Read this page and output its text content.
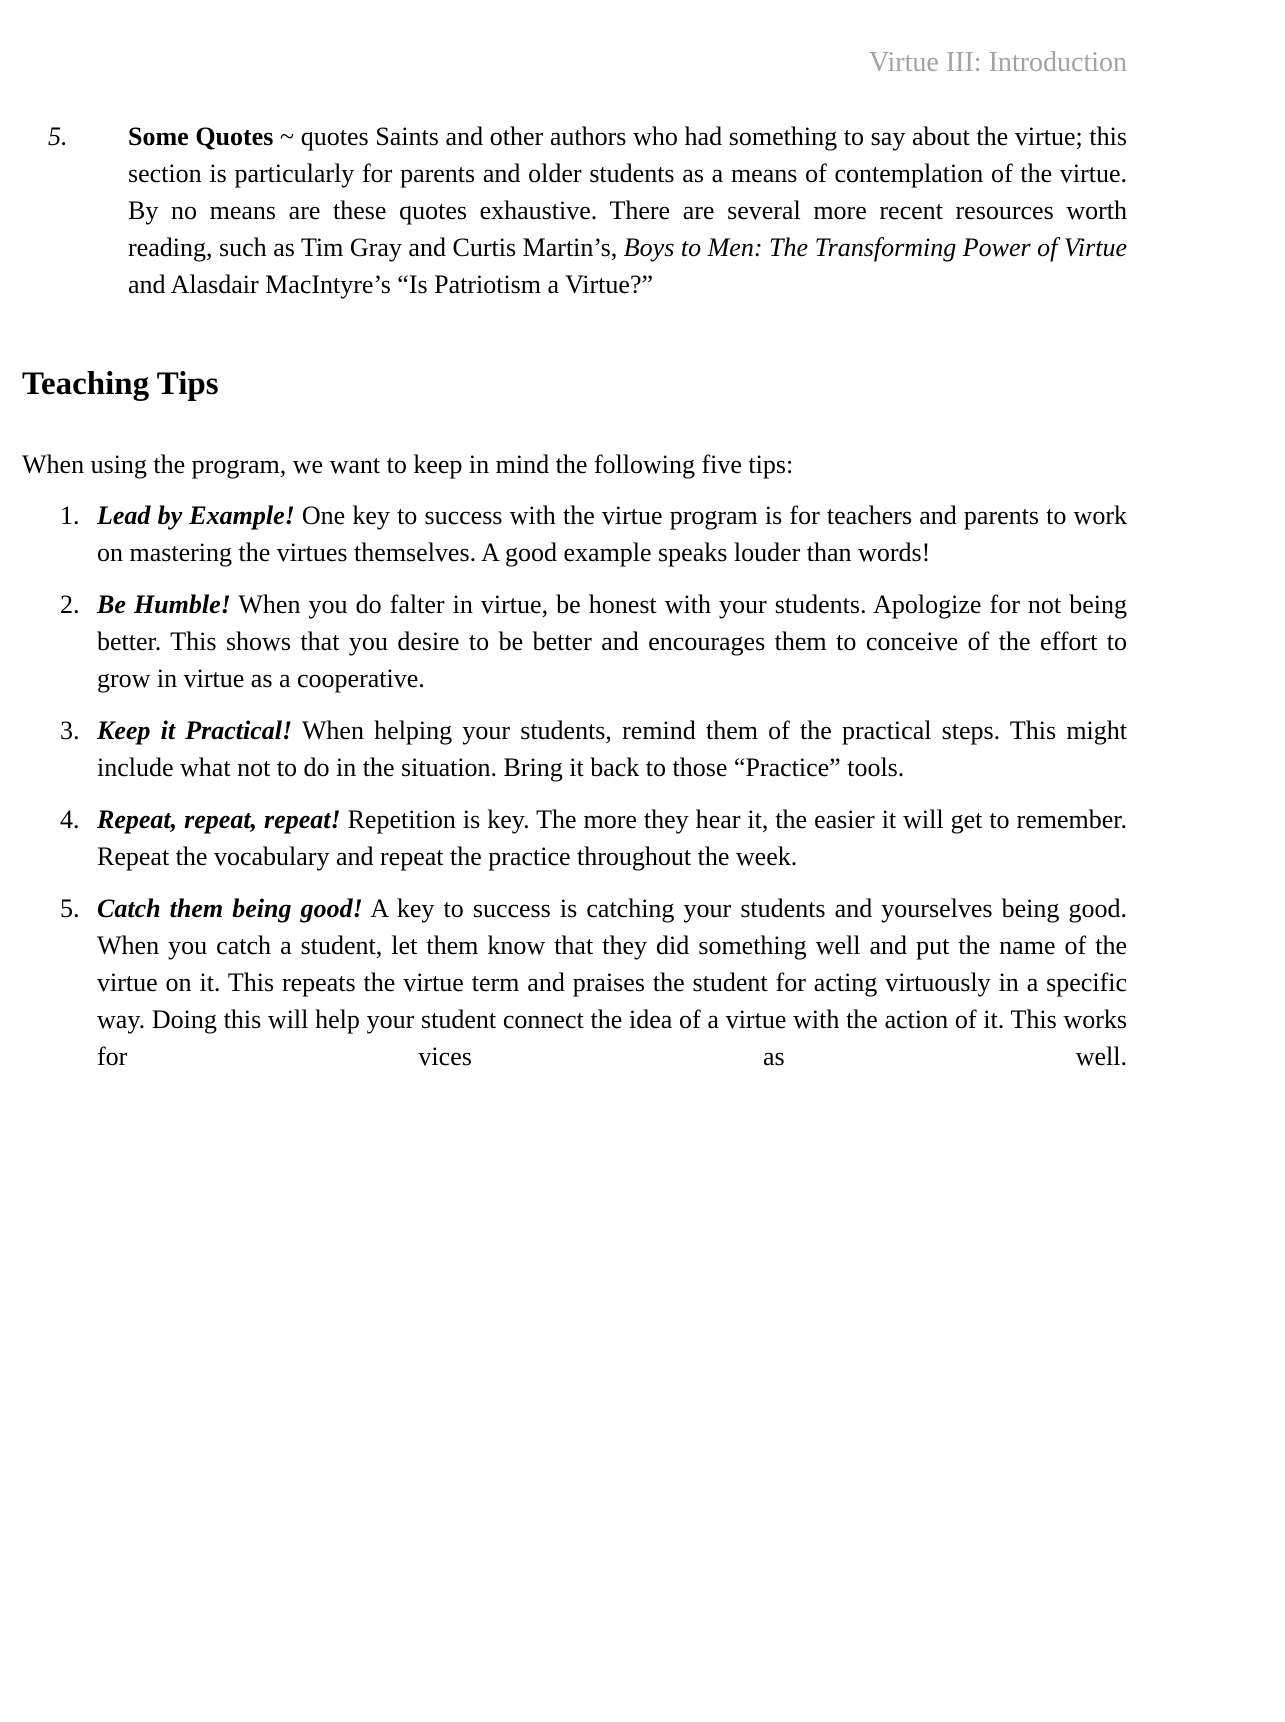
Virtue III: Introduction
5. Some Quotes ~ quotes Saints and other authors who had something to say about the virtue; this section is particularly for parents and older students as a means of contemplation of the virtue. By no means are these quotes exhaustive. There are several more recent resources worth reading, such as Tim Gray and Curtis Martin’s, Boys to Men: The Transforming Power of Virtue and Alasdair MacIntyre’s “Is Patriotism a Virtue?”
Teaching Tips
When using the program, we want to keep in mind the following five tips:
1. Lead by Example! One key to success with the virtue program is for teachers and parents to work on mastering the virtues themselves. A good example speaks louder than words!
2. Be Humble! When you do falter in virtue, be honest with your students. Apologize for not being better. This shows that you desire to be better and encourages them to conceive of the effort to grow in virtue as a cooperative.
3. Keep it Practical! When helping your students, remind them of the practical steps. This might include what not to do in the situation. Bring it back to those “Practice” tools.
4. Repeat, repeat, repeat! Repetition is key. The more they hear it, the easier it will get to remember. Repeat the vocabulary and repeat the practice throughout the week.
5. Catch them being good! A key to success is catching your students and yourselves being good. When you catch a student, let them know that they did something well and put the name of the virtue on it. This repeats the virtue term and praises the student for acting virtuously in a specific way. Doing this will help your student connect the idea of a virtue with the action of it. This works for vices as well.
